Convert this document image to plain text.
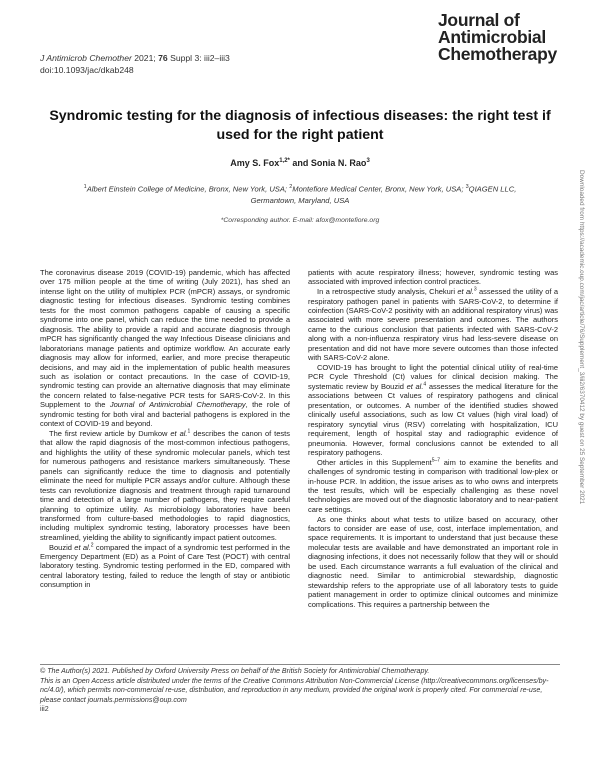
J Antimicrob Chemother 2021; 76 Suppl 3: iii2–iii3
doi:10.1093/jac/dkab248
Journal of
Antimicrobial
Chemotherapy
Syndromic testing for the diagnosis of infectious diseases: the right test if used for the right patient
Amy S. Fox$^{1,2*}$ and Sonia N. Rao$^3$
$^1$Albert Einstein College of Medicine, Bronx, New York, USA; $^2$Montefiore Medical Center, Bronx, New York, USA; $^3$QIAGEN LLC, Germantown, Maryland, USA
*Corresponding author. E-mail: afox@montefiore.org

The coronavirus disease 2019 (COVID-19) pandemic, which has affected over 175 million people at the time of writing (July 2021), has shed an intense light on the utility of multiplex PCR (mPCR) assays, or syndromic diagnostic testing for infectious diseases. Syndromic testing combines tests for the most common pathogens capable of causing a specific syndrome into one panel, which can reduce the time needed to provide a diagnosis. The ability to provide a rapid and accurate diagnosis through mPCR has significantly changed the way Infectious Disease clinicians and laboratorians manage patients and optimize workflow. An accurate early diagnosis may allow for informed, earlier, and more precise therapeutic decisions, and may aid in the implementation of public health measures such as isolation or contact precautions. In the case of COVID-19, syndromic testing can provide an alternative diagnosis that may eliminate the concern related to false-negative PCR tests for SARS-CoV-2. In this Supplement to the Journal of Antimicrobial Chemotherapy, the role of syndromic testing for both viral and bacterial pathogens is explored in the context of COVID-19 and beyond.

The first review article by Dumkow et al.$^1$ describes the canon of tests that allow the rapid diagnosis of the most-common infectious pathogens, and highlights the utility of these syndromic molecular panels, which test for numerous pathogens and resistance markers simultaneously. These panels can significantly reduce the time to diagnosis and potentially eliminate the need for multiple PCR assays and/or culture. Although these tests can revolutionize diagnosis and treatment through rapid turnaround time and detection of a large number of pathogens, they require careful planning to optimize utility. As microbiology laboratories have been transformed from culture-based methodologies to rapid diagnostics, including multiplex syndromic testing, laboratory processes have been streamlined, yielding the ability to significantly impact patient outcomes.

Bouzid et al.$^2$ compared the impact of a syndromic test performed in the Emergency Department (ED) as a Point of Care Test (POCT) with central laboratory testing. Syndromic testing performed in the ED, compared with central laboratory testing, failed to reduce the length of stay or antibiotic consumption in

patients with acute respiratory illness; however, syndromic testing was associated with improved infection control practices.

In a retrospective study analysis, Chekuri et al.$^3$ assessed the utility of a respiratory pathogen panel in patients with SARS-CoV-2, to determine if coinfection (SARS-CoV-2 positivity with an additional respiratory virus) was associated with more severe presentation and outcomes. The authors came to the curious conclusion that patients infected with SARS-CoV-2 along with a non-influenza respiratory virus had less-severe disease on presentation and did not have more severe outcomes than those infected with SARS-CoV-2 alone.

COVID-19 has brought to light the potential clinical utility of real-time PCR Cycle Threshold (Ct) values for clinical decision making. The systematic review by Bouzid et al.$^4$ assesses the medical literature for the associations between Ct values of respiratory pathogens and clinical presentation, or outcomes. A number of the identified studies showed clinically useful associations, such as low Ct values (high viral load) of respiratory syncytial virus (RSV) correlating with hospitalization, ICU requirement, length of hospital stay and radiographic evidence of pneumonia. However, formal conclusions cannot be extended to all respiratory pathogens.

Other articles in this Supplement$^{5-7}$ aim to examine the benefits and challenges of syndromic testing in comparison with traditional low-plex or in-house PCR. In addition, the issue arises as to who owns and interprets the test results, which will be especially challenging as these novel technologies are moved out of the diagnostic laboratory and to near-patient care settings.

As one thinks about what tests to utilize based on accuracy, other factors to consider are ease of use, cost, interface implementation, and space requirements. It is important to understand that just because these molecular tests are available and have demonstrated an important role in diagnosing infections, it does not necessarily follow that they will or should be used. Each circumstance warrants a full evaluation of the clinical and diagnostic need. Similar to antimicrobial stewardship, diagnostic stewardship refers to the appropriate use of all laboratory tests to guide patient management in order to optimize clinical outcomes and minimize complications. This requires a partnership between the

© The Author(s) 2021. Published by Oxford University Press on behalf of the British Society for Antimicrobial Chemotherapy.
This is an Open Access article distributed under the terms of the Creative Commons Attribution Non-Commercial License (http://creativecommons.org/licenses/by-nc/4.0/), which permits non-commercial re-use, distribution, and reproduction in any medium, provided the original work is properly cited. For commercial re-use, please contact journals.permissions@oup.com
iii2
Downloaded from https://academic.oup.com/jac/article/76/Supplement_3/iii2/6370412 by guest on 25 September 2021
